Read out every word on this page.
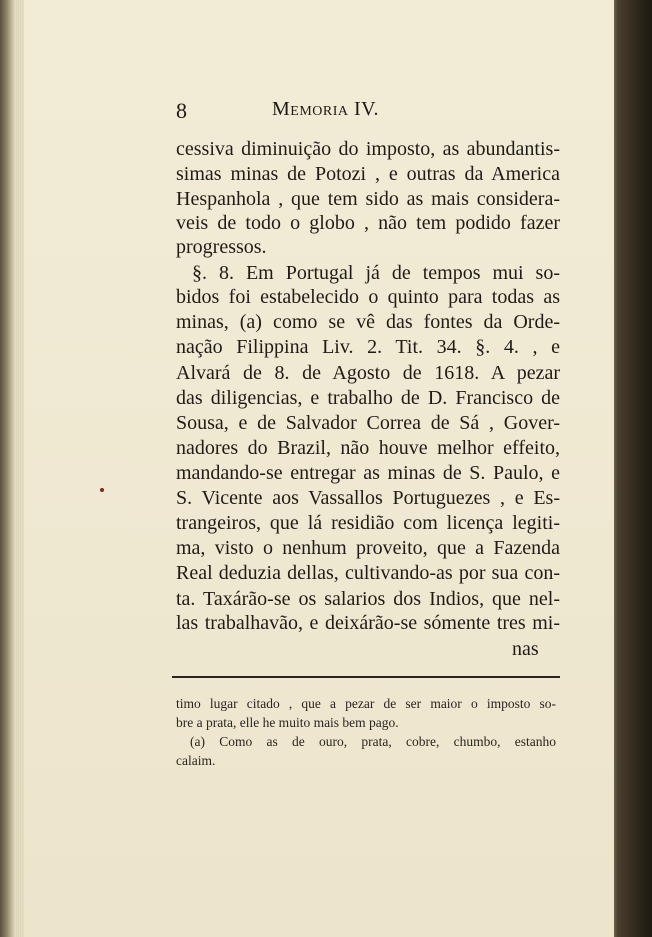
8	Memoria IV.
cessiva diminuição do imposto, as abundantis-
simas minas de Potozi , e outras da America
Hespanhola , que tem sido as mais considera-
veis de todo o globo , não tem podido fazer
progressos.
§. 8. Em Portugal já de tempos mui so-
bidos foi estabelecido o quinto para todas as
minas, (a) como se vê das fontes da Orde-
nação Filippina Liv. 2. Tit. 34. §. 4. , e
Alvará de 8. de Agosto de 1618. A pezar
das diligencias, e trabalho de D. Francisco de
Sousa, e de Salvador Correa de Sá , Gover-
nadores do Brazil, não houve melhor effeito,
mandando-se entregar as minas de S. Paulo, e
S. Vicente aos Vassallos Portuguezes , e Es-
trangeiros, que lá residião com licença legiti-
ma, visto o nenhum proveito, que a Fazenda
Real deduzia dellas, cultivando-as por sua con-
ta. Taxárão-se os salarios dos Indios, que nel-
las trabalhavão, e deixárão-se sómente tres mi-
nas
timo lugar citado , que a pezar de ser maior o imposto so-
bre a prata, elle he muito mais bem pago.
(a) Como as de ouro, prata, cobre, chumbo, estanho
calaim.
